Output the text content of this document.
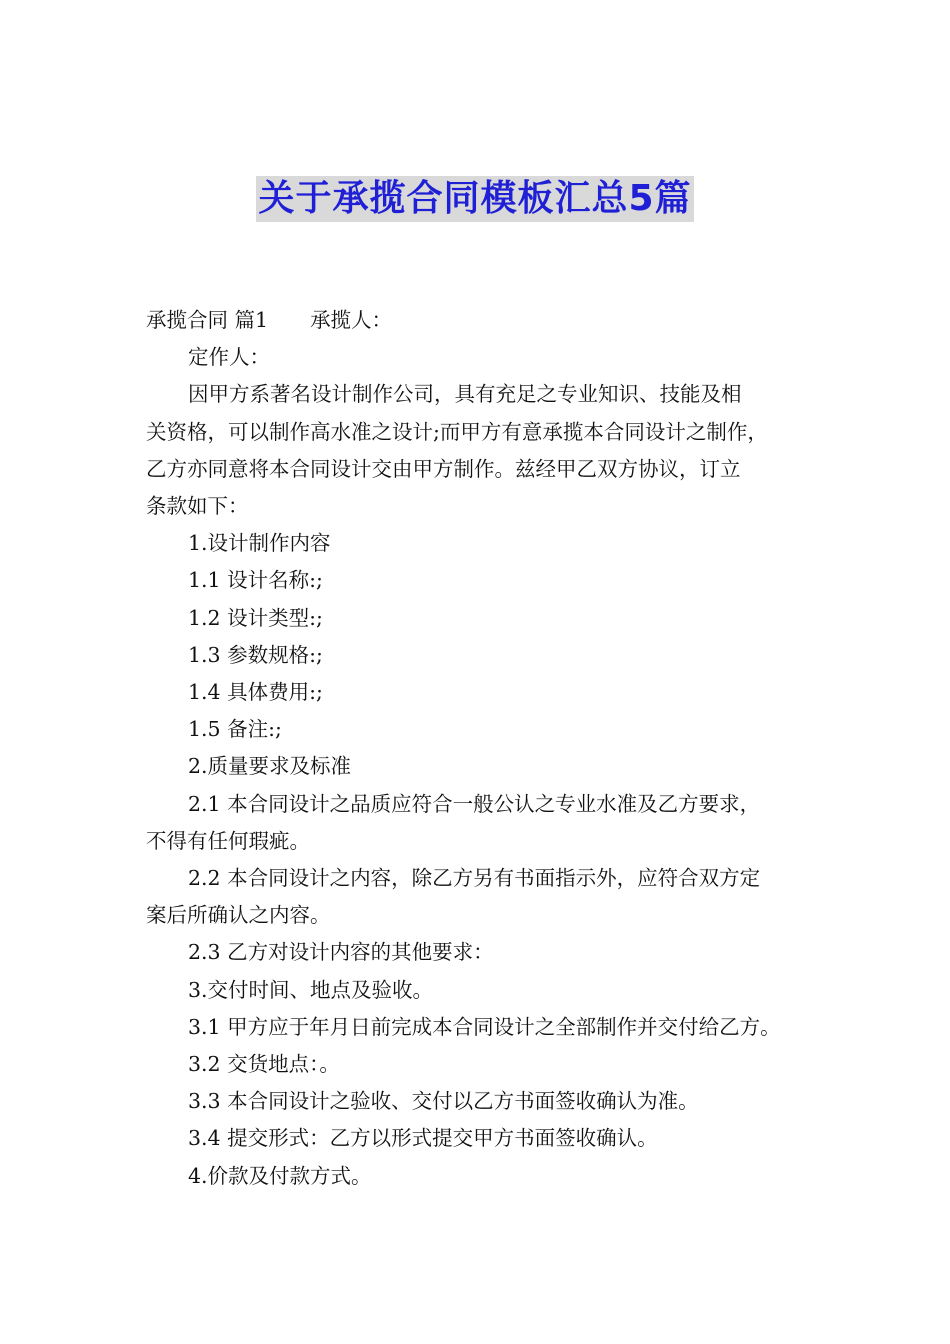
关于承揽合同模板汇总5篇

承揽合同 篇1 承揽人：

定作人：

因甲方系著名设计制作公司，具有充足之专业知识、技能及相

关资格，可以制作高水准之设计;而甲方有意承揽本合同设计之制作，

乙方亦同意将本合同设计交由甲方制作。兹经甲乙双方协议，订立

条款如下：

1.设计制作内容

1.1 设计名称:;

1.2 设计类型:;

1.3 参数规格:;

1.4 具体费用:;

1.5 备注:;

2.质量要求及标准

2.1 本合同设计之品质应符合一般公认之专业水准及乙方要求，

不得有任何瑕疵。

2.2 本合同设计之内容，除乙方另有书面指示外，应符合双方定

案后所确认之内容。

2.3 乙方对设计内容的其他要求：

3.交付时间、地点及验收。

3.1 甲方应于年月日前完成本合同设计之全部制作并交付给乙方。

3.2 交货地点：。

3.3 本合同设计之验收、交付以乙方书面签收确认为准。

3.4 提交形式：乙方以形式提交甲方书面签收确认。

4.价款及付款方式。
